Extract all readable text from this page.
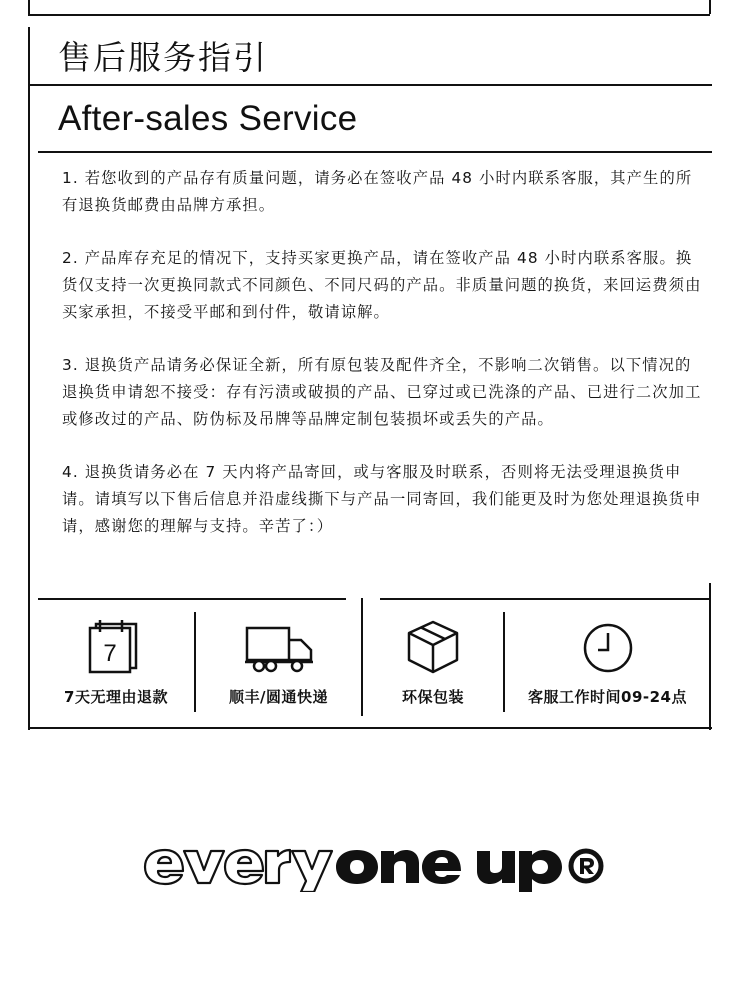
售后服务指引
After-sales Service

1. 若您收到的产品存有质量问题，请务必在签收产品 48 小时内联系客服，其产生的所有退换货邮费由品牌方承担。

2. 产品库存充足的情况下，支持买家更换产品，请在签收产品 48 小时内联系客服。换货仅支持一次更换同款式不同颜色、不同尺码的产品。非质量问题的换货，来回运费须由买家承担，不接受平邮和到付件，敬请谅解。

3. 退换货产品请务必保证全新，所有原包装及配件齐全，不影响二次销售。以下情况的退换货申请恕不接受：存有污渍或破损的产品、已穿过或已洗涤的产品、已进行二次加工或修改过的产品、防伪标及吊牌等品牌定制包装损坏或丢失的产品。

4. 退换货请务必在 7 天内将产品寄回，或与客服及时联系，否则将无法受理退换货申请。请填写以下售后信息并沿虚线撕下与产品一同寄回，我们能更及时为您处理退换货申请，感谢您的理解与支持。辛苦了：）

7
7天无理由退款	顺丰/圆通快递	环保包装	客服工作时间09-24点
